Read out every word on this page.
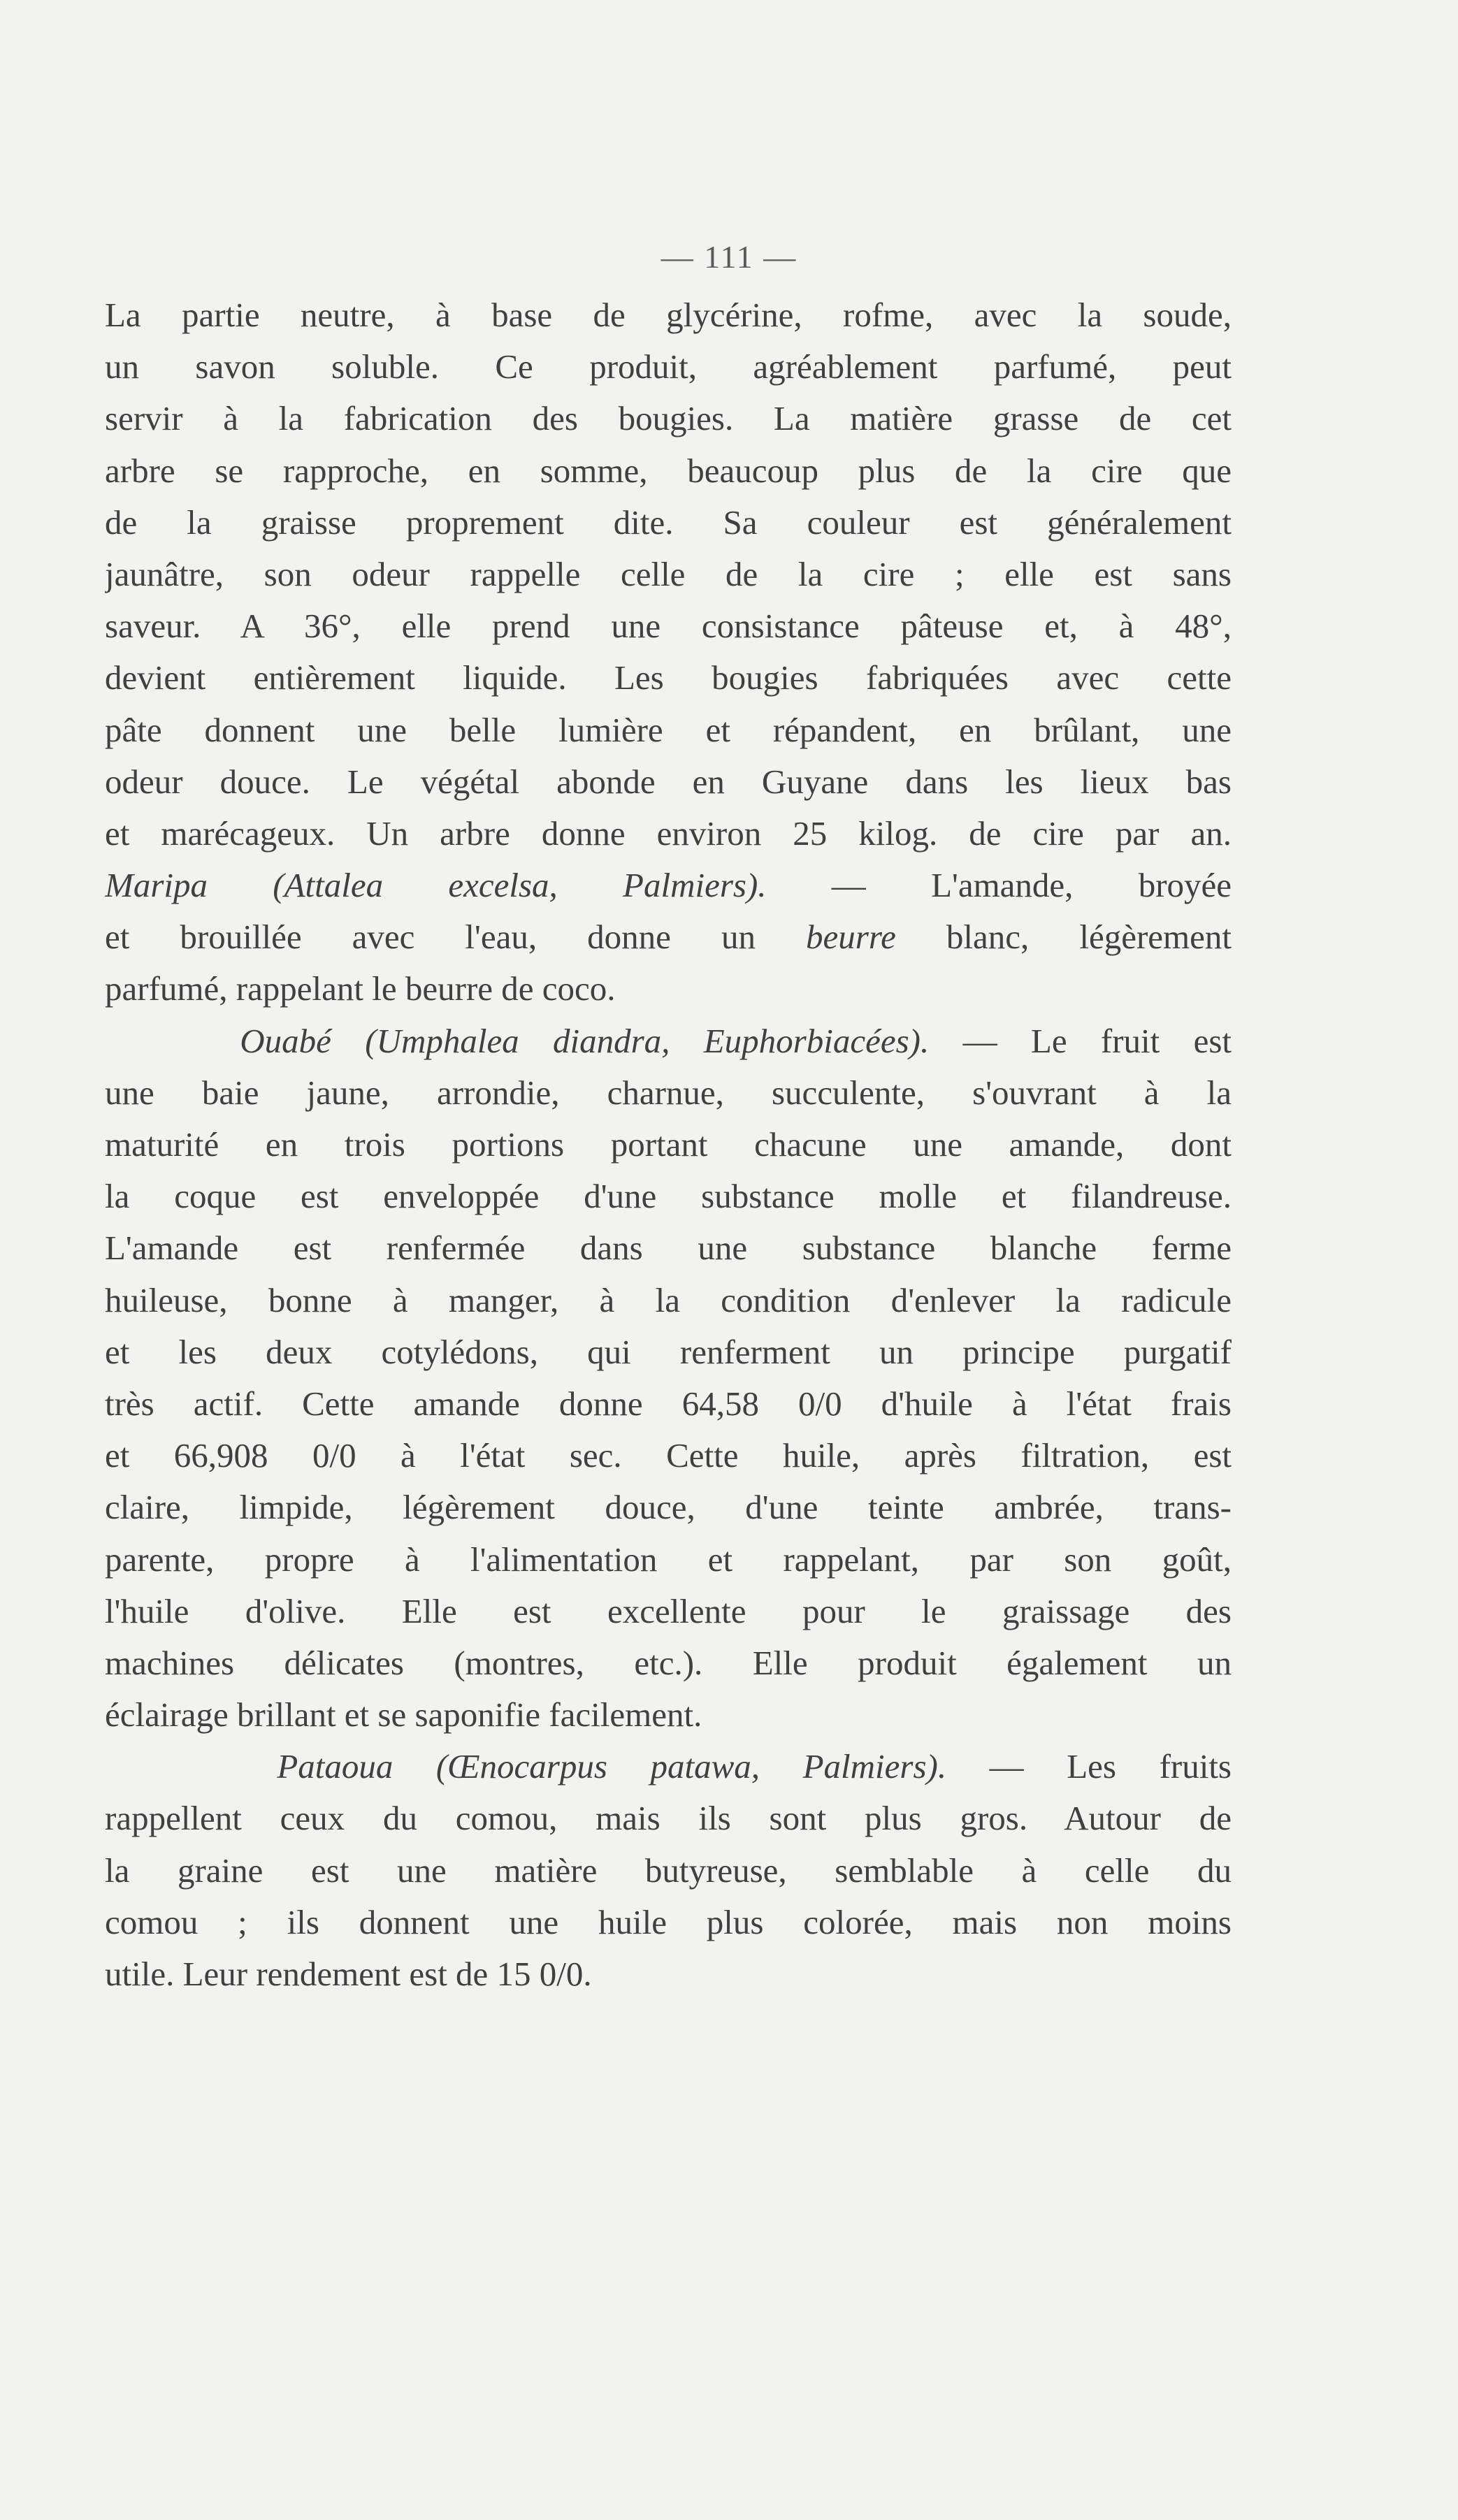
— 111 —
La partie neutre, à base de glycérine, rofme, avec la soude,
un savon soluble. Ce produit, agréablement parfumé, peut
servir à la fabrication des bougies. La matière grasse de cet
arbre se rapproche, en somme, beaucoup plus de la cire que
de la graisse proprement dite. Sa couleur est généralement
jaunâtre, son odeur rappelle celle de la cire ; elle est sans
saveur. A 36°, elle prend une consistance pâteuse et, à 48°,
devient entièrement liquide. Les bougies fabriquées avec cette
pâte donnent une belle lumière et répandent, en brûlant, une
odeur douce. Le végétal abonde en Guyane dans les lieux bas
et marécageux. Un arbre donne environ 25 kilog. de cire par an.
Maripa (Attalea excelsa, Palmiers). — L'amande, broyée
et brouillée avec l'eau, donne un beurre blanc, légèrement
parfumé, rappelant le beurre de coco.
Ouabé (Umphalea diandra, Euphorbiacées). — Le fruit est
une baie jaune, arrondie, charnue, succulente, s'ouvrant à la
maturité en trois portions portant chacune une amande, dont
la coque est enveloppée d'une substance molle et filandreuse.
L'amande est renfermée dans une substance blanche ferme
huileuse, bonne à manger, à la condition d'enlever la radicule
et les deux cotylédons, qui renferment un principe purgatif
très actif. Cette amande donne 64,58 0/0 d'huile à l'état frais
et 66,908 0/0 à l'état sec. Cette huile, après filtration, est
claire, limpide, légèrement douce, d'une teinte ambrée, trans-
parente, propre à l'alimentation et rappelant, par son goût,
l'huile d'olive. Elle est excellente pour le graissage des
machines délicates (montres, etc.). Elle produit également un
éclairage brillant et se saponifie facilement.
Pataoua (Œnocarpus patawa, Palmiers). — Les fruits
rappellent ceux du comou, mais ils sont plus gros. Autour de
la graine est une matière butyreuse, semblable à celle du
comou ; ils donnent une huile plus colorée, mais non moins
utile. Leur rendement est de 15 0/0.
